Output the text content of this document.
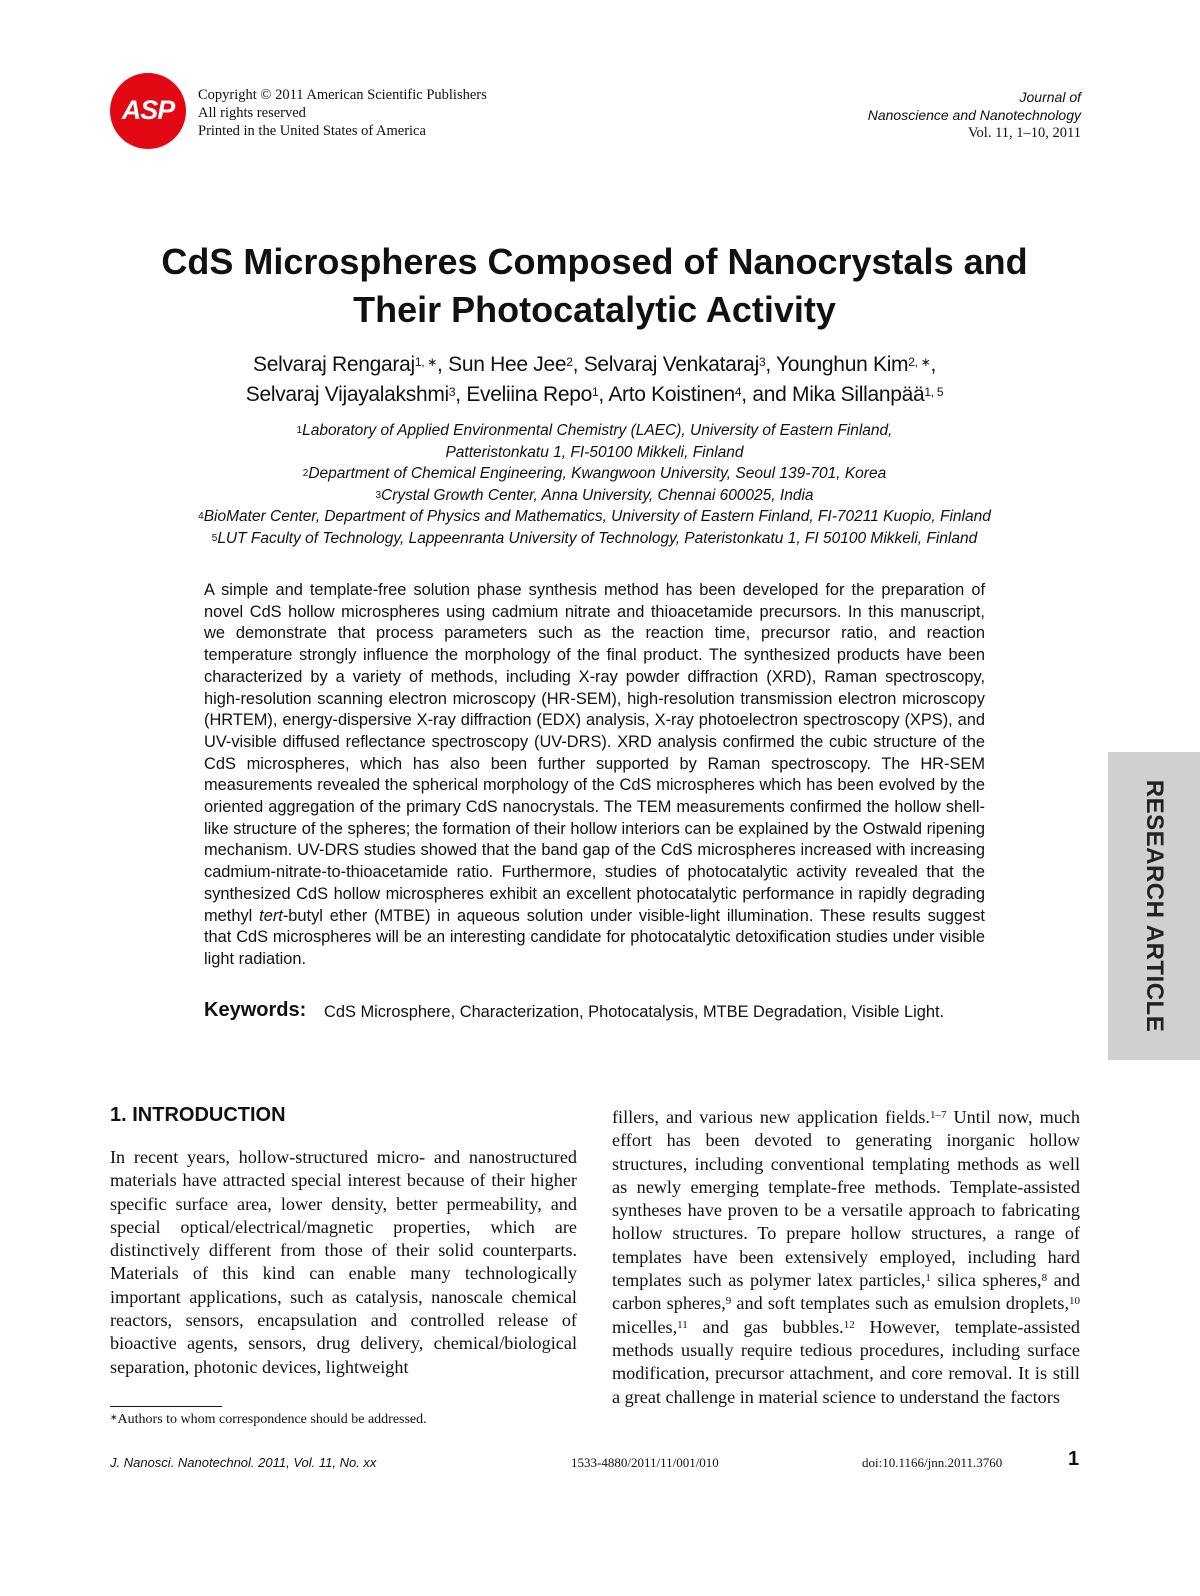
ASP	Copyright © 2011 American Scientific Publishers
All rights reserved
Printed in the United States of America
Journal of
Nanoscience and Nanotechnology
Vol. 11, 1–10, 2011
CdS Microspheres Composed of Nanocrystals and
Their Photocatalytic Activity
Selvaraj Rengaraj$^{1, ∗}$, Sun Hee Jee$^2$, Selvaraj Venkataraj$^3$, Younghun Kim$^{2, ∗}$,
Selvaraj Vijayalakshmi$^3$, Eveliina Repo$^1$, Arto Koistinen$^4$, and Mika Sillanpää$^{1, 5}$
$^1$Laboratory of Applied Environmental Chemistry (LAEC), University of Eastern Finland,
Patteristonkatu 1, FI-50100 Mikkeli, Finland
$^2$Department of Chemical Engineering, Kwangwoon University, Seoul 139-701, Korea
$^3$Crystal Growth Center, Anna University, Chennai 600025, India
$^4$BioMater Center, Department of Physics and Mathematics, University of Eastern Finland, FI-70211 Kuopio, Finland
$^5$LUT Faculty of Technology, Lappeenranta University of Technology, Pateristonkatu 1, FI 50100 Mikkeli, Finland
A simple and template-free solution phase synthesis method has been developed for the preparation of novel CdS hollow microspheres using cadmium nitrate and thioacetamide precursors. In this manuscript, we demonstrate that process parameters such as the reaction time, precursor ratio, and reaction temperature strongly influence the morphology of the final product. The synthesized products have been characterized by a variety of methods, including X-ray powder diffraction (XRD), Raman spectroscopy, high-resolution scanning electron microscopy (HR-SEM), high-resolution transmission electron microscopy (HRTEM), energy-dispersive X-ray diffraction (EDX) analysis, X-ray photoelectron spectroscopy (XPS), and UV-visible diffused reflectance spectroscopy (UV-DRS). XRD analysis confirmed the cubic structure of the CdS microspheres, which has also been further supported by Raman spectroscopy. The HR-SEM measurements revealed the spherical morphology of the CdS microspheres which has been evolved by the oriented aggregation of the primary CdS nanocrystals. The TEM measurements confirmed the hollow shell-like structure of the spheres; the formation of their hollow interiors can be explained by the Ostwald ripening mechanism. UV-DRS studies showed that the band gap of the CdS microspheres increased with increasing cadmium-nitrate-to-thioacetamide ratio. Furthermore, studies of photocatalytic activity revealed that the synthesized CdS hollow microspheres exhibit an excellent photocatalytic performance in rapidly degrading methyl tert-butyl ether (MTBE) in aqueous solution under visible-light illumination. These results suggest that CdS microspheres will be an interesting candidate for photocatalytic detoxification studies under visible light radiation.
Keywords: CdS Microsphere, Characterization, Photocatalysis, MTBE Degradation, Visible Light.	RESEARCH ARTICLE
1. INTRODUCTION
In recent years, hollow-structured micro- and nanostructured materials have attracted special interest because of their higher specific surface area, lower density, better permeability, and special optical/electrical/magnetic properties, which are distinctively different from those of their solid counterparts. Materials of this kind can enable many technologically important applications, such as catalysis, nanoscale chemical reactors, sensors, encapsulation and controlled release of bioactive agents, sensors, drug delivery, chemical/biological separation, photonic devices, lightweight
fillers, and various new application fields.$^{1-7}$ Until now, much effort has been devoted to generating inorganic hollow structures, including conventional templating methods as well as newly emerging template-free methods. Template-assisted syntheses have proven to be a versatile approach to fabricating hollow structures. To prepare hollow structures, a range of templates have been extensively employed, including hard templates such as polymer latex particles,$^1$ silica spheres,$^8$ and carbon spheres,$^9$ and soft templates such as emulsion droplets,$^{10}$ micelles,$^{11}$ and gas bubbles.$^{12}$ However, template-assisted methods usually require tedious procedures, including surface modification, precursor attachment, and core removal. It is still a great challenge in material science to understand the factors
∗Authors to whom correspondence should be addressed.
J. Nanosci. Nanotechnol. 2011, Vol. 11, No. xx	1533-4880/2011/11/001/010	doi:10.1166/jnn.2011.3760	1
